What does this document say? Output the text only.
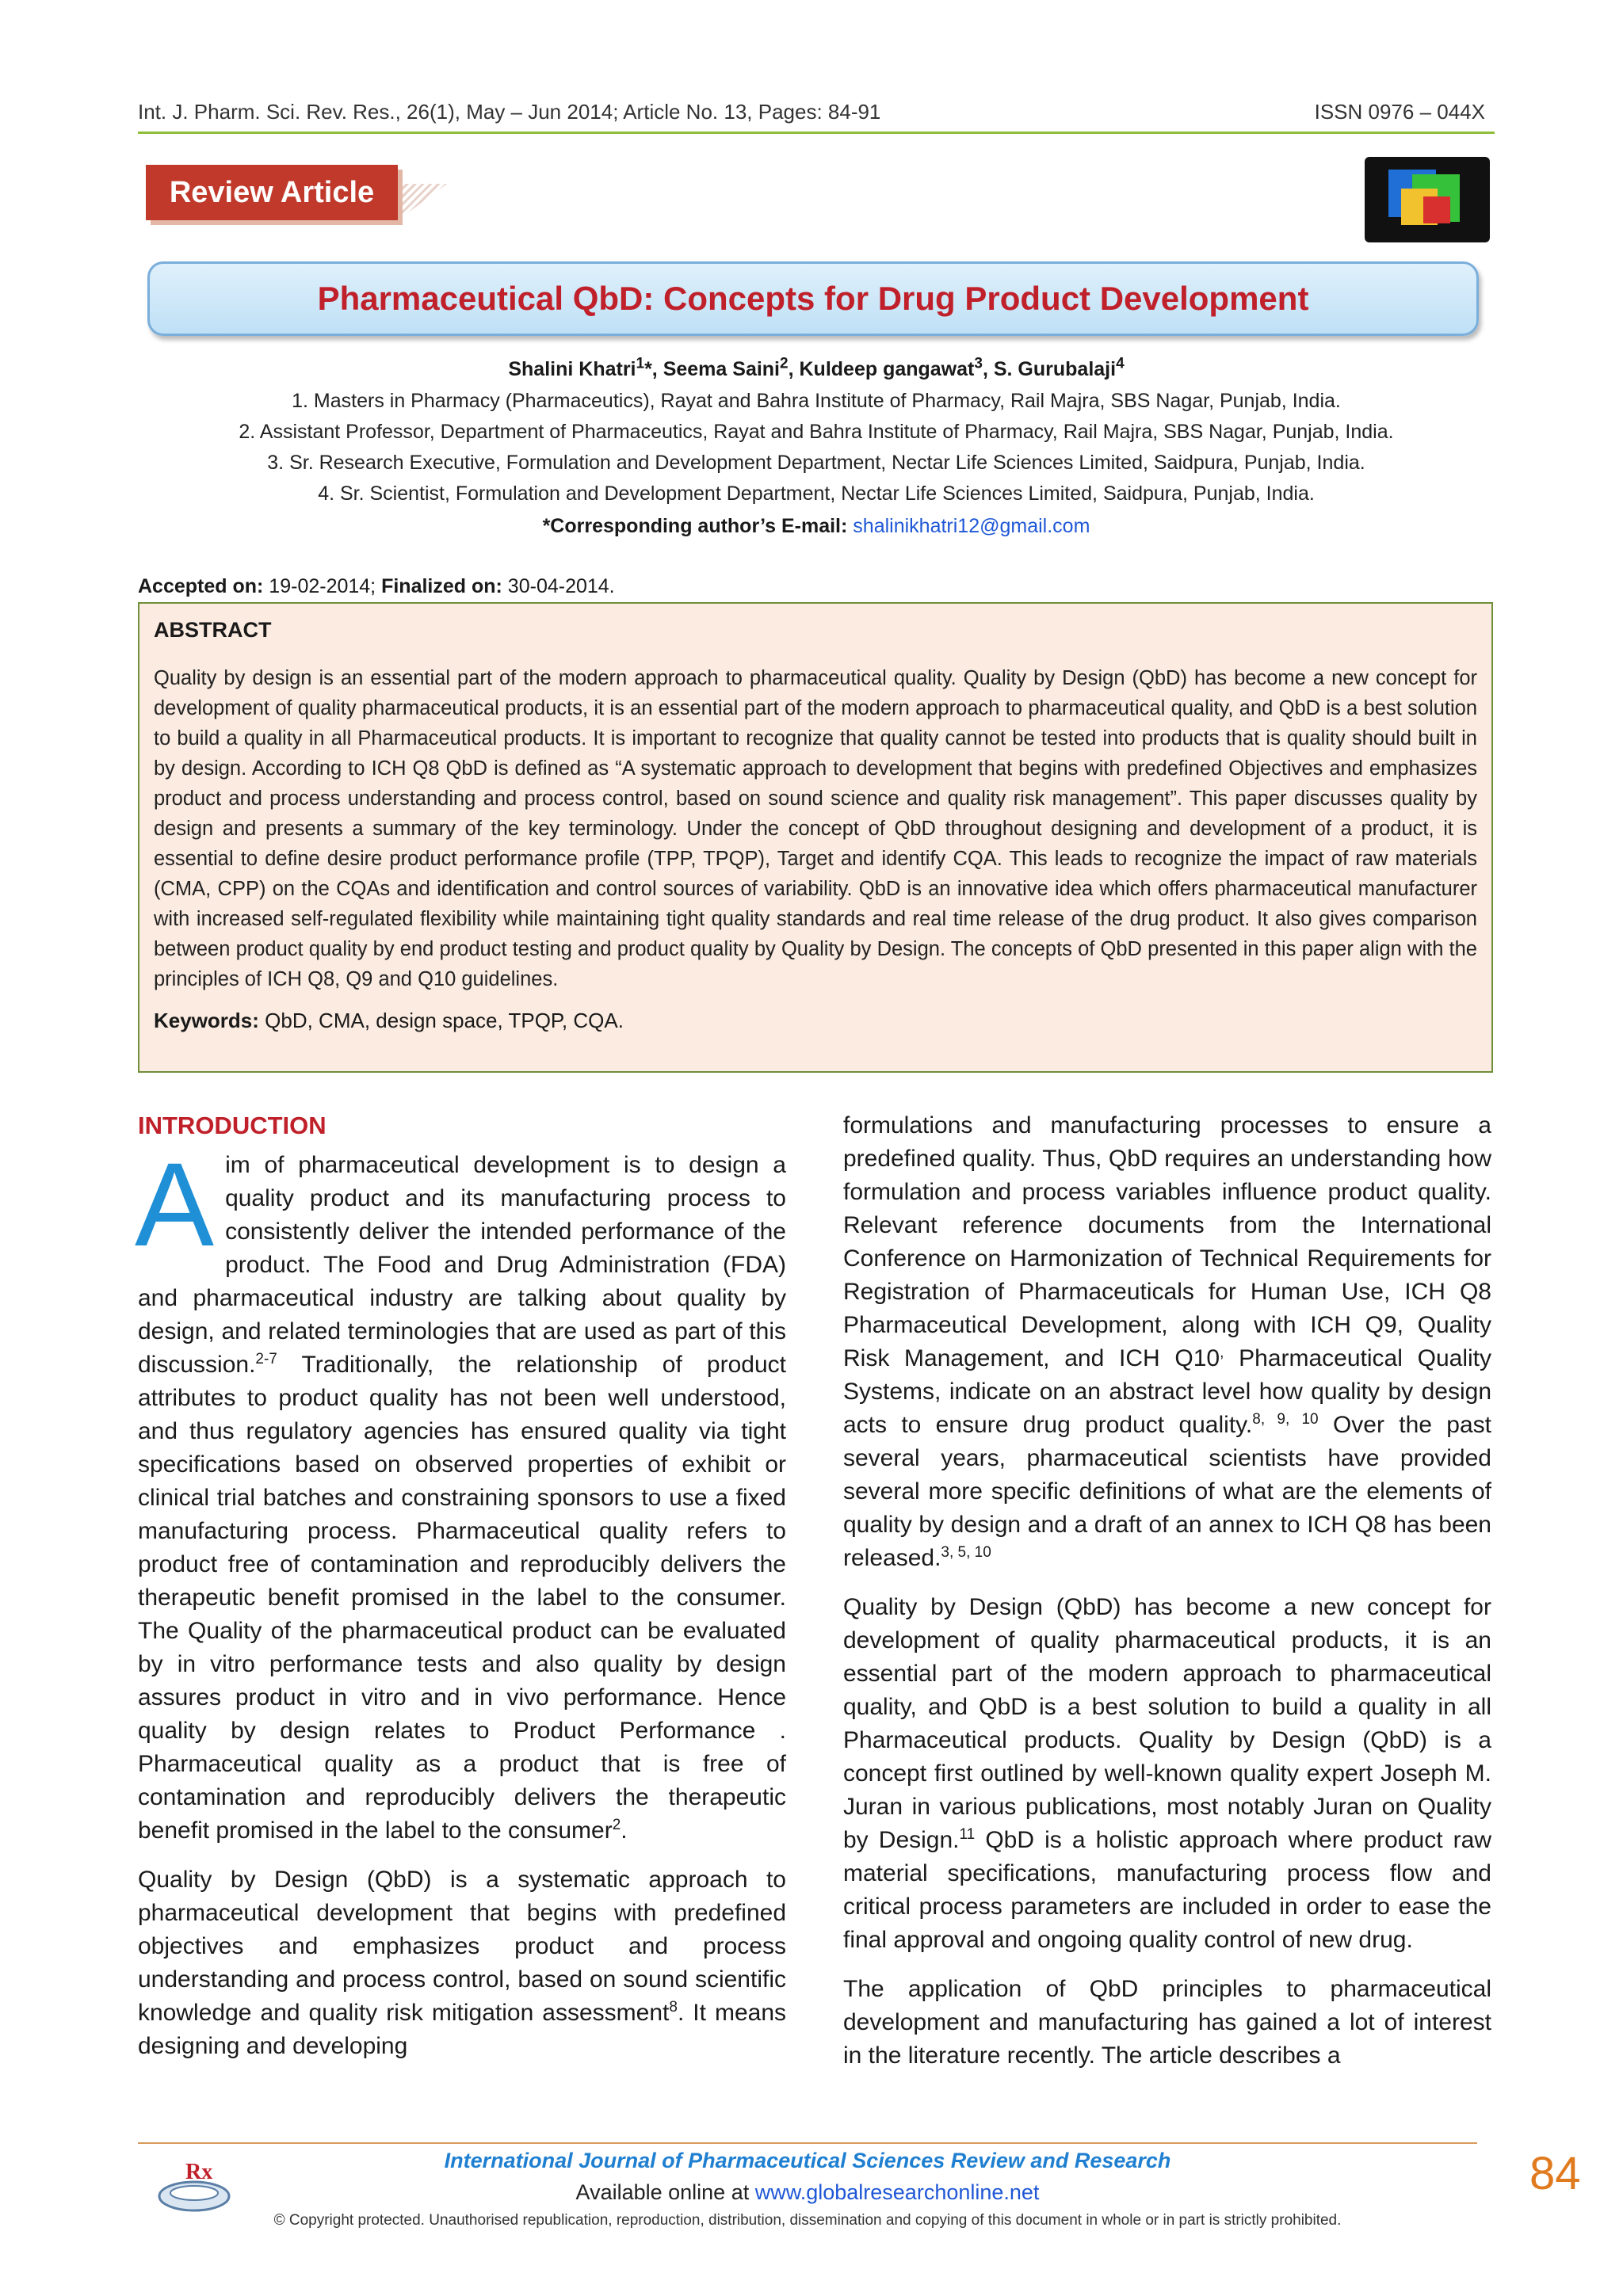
Int. J. Pharm. Sci. Rev. Res., 26(1), May – Jun 2014; Article No. 13, Pages: 84-91	ISSN 0976 – 044X
Review Article
Pharmaceutical QbD: Concepts for Drug Product Development
Shalini Khatri$^1$*, Seema Saini$^2$, Kuldeep gangawat$^3$, S. Gurubalaji$^4$
1. Masters in Pharmacy (Pharmaceutics), Rayat and Bahra Institute of Pharmacy, Rail Majra, SBS Nagar, Punjab, India.
2. Assistant Professor, Department of Pharmaceutics, Rayat and Bahra Institute of Pharmacy, Rail Majra, SBS Nagar, Punjab, India.
3. Sr. Research Executive, Formulation and Development Department, Nectar Life Sciences Limited, Saidpura, Punjab, India.
4. Sr. Scientist, Formulation and Development Department, Nectar Life Sciences Limited, Saidpura, Punjab, India.
*Corresponding author’s E-mail: shalinikhatri12@gmail.com
Accepted on: 19-02-2014; Finalized on: 30-04-2014.
ABSTRACT
Quality by design is an essential part of the modern approach to pharmaceutical quality. Quality by Design (QbD) has become a new concept for development of quality pharmaceutical products, it is an essential part of the modern approach to pharmaceutical quality, and QbD is a best solution to build a quality in all Pharmaceutical products. It is important to recognize that quality cannot be tested into products that is quality should built in by design. According to ICH Q8 QbD is defined as “A systematic approach to development that begins with predefined Objectives and emphasizes product and process understanding and process control, based on sound science and quality risk management”. This paper discusses quality by design and presents a summary of the key terminology. Under the concept of QbD throughout designing and development of a product, it is essential to define desire product performance profile (TPP, TPQP), Target and identify CQA. This leads to recognize the impact of raw materials (CMA, CPP) on the CQAs and identification and control sources of variability. QbD is an innovative idea which offers pharmaceutical manufacturer with increased self-regulated flexibility while maintaining tight quality standards and real time release of the drug product. It also gives comparison between product quality by end product testing and product quality by Quality by Design. The concepts of QbD presented in this paper align with the principles of ICH Q8, Q9 and Q10 guidelines.
Keywords: QbD, CMA, design space, TPQP, CQA.
INTRODUCTION

Aim of pharmaceutical development is to design a quality product and its manufacturing process to consistently deliver the intended performance of the product. The Food and Drug Administration (FDA) and pharmaceutical industry are talking about quality by design, and related terminologies that are used as part of this discussion.$^{2-7}$ Traditionally, the relationship of product attributes to product quality has not been well understood, and thus regulatory agencies has ensured quality via tight specifications based on observed properties of exhibit or clinical trial batches and constraining sponsors to use a fixed manufacturing process. Pharmaceutical quality refers to product free of contamination and reproducibly delivers the therapeutic benefit promised in the label to the consumer. The Quality of the pharmaceutical product can be evaluated by in vitro performance tests and also quality by design assures product in vitro and in vivo performance. Hence quality by design relates to Product Performance . Pharmaceutical quality as a product that is free of contamination and reproducibly delivers the therapeutic benefit promised in the label to the consumer$^2$.

Quality by Design (QbD) is a systematic approach to pharmaceutical development that begins with predefined objectives and emphasizes product and process understanding and process control, based on sound scientific knowledge and quality risk mitigation assessment$^8$. It means designing and developing

formulations and manufacturing processes to ensure a predefined quality. Thus, QbD requires an understanding how formulation and process variables influence product quality. Relevant reference documents from the International Conference on Harmonization of Technical Requirements for Registration of Pharmaceuticals for Human Use, ICH Q8 Pharmaceutical Development, along with ICH Q9, Quality Risk Management, and ICH Q10, Pharmaceutical Quality Systems, indicate on an abstract level how quality by design acts to ensure drug product quality.$^{8, 9, 10}$ Over the past several years, pharmaceutical scientists have provided several more specific definitions of what are the elements of quality by design and a draft of an annex to ICH Q8 has been released.$^{3, 5, 10}$

Quality by Design (QbD) has become a new concept for development of quality pharmaceutical products, it is an essential part of the modern approach to pharmaceutical quality, and QbD is a best solution to build a quality in all Pharmaceutical products. Quality by Design (QbD) is a concept first outlined by well-known quality expert Joseph M. Juran in various publications, most notably Juran on Quality by Design.$^{11}$ QbD is a holistic approach where product raw material specifications, manufacturing process flow and critical process parameters are included in order to ease the final approval and ongoing quality control of new drug.

The application of QbD principles to pharmaceutical development and manufacturing has gained a lot of interest in the literature recently. The article describes a

Rx	International Journal of Pharmaceutical Sciences Review and Research
Available online at www.globalresearchonline.net
© Copyright protected. Unauthorised republication, reproduction, distribution, dissemination and copying of this document in whole or in part is strictly prohibited.
84
